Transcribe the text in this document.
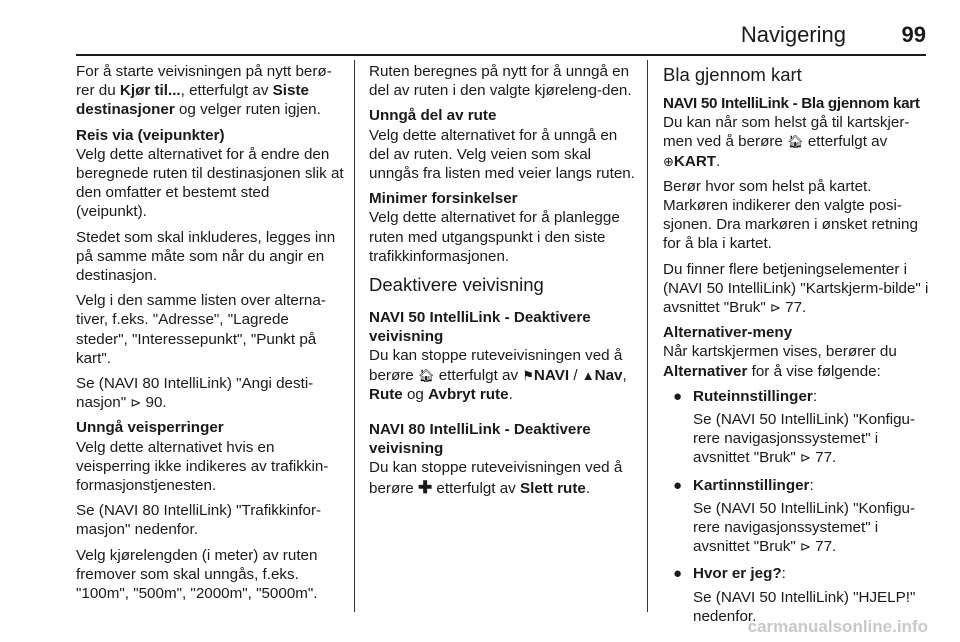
Navigering	99

For å starte veivisningen på nytt berø-rer du Kjør til..., etterfulgt av Siste destinasjoner og velger ruten igjen.

Reis via (veipunkter)

Velg dette alternativet for å endre den beregnede ruten til destinasjonen slik at den omfatter et bestemt sted (veipunkt).

Stedet som skal inkluderes, legges inn på samme måte som når du angir en destinasjon.

Velg i den samme listen over alterna-tiver, f.eks. "Adresse", "Lagrede steder", "Interessepunkt", "Punkt på kart".

Se (NAVI 80 IntelliLink) "Angi desti-nasjon" ⊳ 90.

Unngå veisperringer

Velg dette alternativet hvis en veisperring ikke indikeres av trafikkin-formasjonstjenesten.

Se (NAVI 80 IntelliLink) "Trafikkinfor-masjon" nedenfor.

Velg kjørelengden (i meter) av ruten fremover som skal unngås, f.eks. "100m", "500m", "2000m", "5000m".

Ruten beregnes på nytt for å unngå en del av ruten i den valgte kjøreleng-den.

Unngå del av rute

Velg dette alternativet for å unngå en del av ruten. Velg veien som skal unngås fra listen med veier langs ruten.

Minimer forsinkelser

Velg dette alternativet for å planlegge ruten med utgangspunkt i den siste trafikkinformasjonen.

Deaktivere veivisning
NAVI 50 IntelliLink - Deaktivere veivisning

Du kan stoppe ruteveivisningen ved å berøre 🏠︎ etterfulgt av ⚑NAVI / ▲Nav, Rute og Avbryt rute.

NAVI 80 IntelliLink - Deaktivere veivisning

Du kan stoppe ruteveivisningen ved å berøre ✚ etterfulgt av Slett rute.

Bla gjennom kart
NAVI 50 IntelliLink - Bla gjennom kart

Du kan når som helst gå til kartskjer-men ved å berøre 🏠︎ etterfulgt av
⊕KART.

Berør hvor som helst på kartet. Markøren indikerer den valgte posi-sjonen. Dra markøren i ønsket retning for å bla i kartet.

Du finner flere betjeningselementer i (NAVI 50 IntelliLink) "Kartskjerm-bilde" i avsnittet "Bruk" ⊳ 77.

Alternativer-meny

Når kartskjermen vises, berører du Alternativer for å vise følgende:

● Ruteinnstillinger:
Se (NAVI 50 IntelliLink) "Konfigu-rere navigasjonssystemet" i avsnittet "Bruk" ⊳ 77.
● Kartinnstillinger:
Se (NAVI 50 IntelliLink) "Konfigu-rere navigasjonssystemet" i avsnittet "Bruk" ⊳ 77.
● Hvor er jeg?:
Se (NAVI 50 IntelliLink) "HJELP!" nedenfor.
carmanualsonline.info
